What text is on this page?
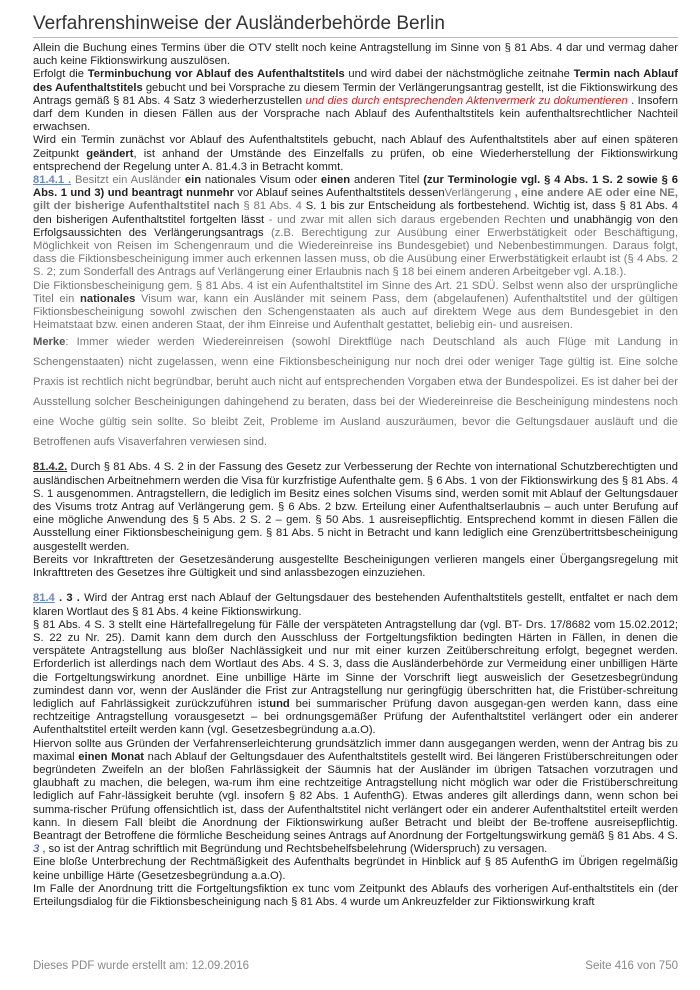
Verfahrenshinweise der Ausländerbehörde Berlin

Allein die Buchung eines Termins über die OTV stellt noch keine Antragstellung im Sinne von § 81 Abs. 4 dar und vermag daher auch keine Fiktionswirkung auszulösen.

Erfolgt die Terminbuchung vor Ablauf des Aufenthaltstitels und wird dabei der nächstmögliche zeitnahe Termin nach Ablauf des Aufenthaltstitels gebucht und bei Vorsprache zu diesem Termin der Verlängerungsantrag gestellt, ist die Fiktionswirkung des Antrags gemäß § 81 Abs. 4 Satz 3 wiederherzustellen und dies durch entsprechenden Aktenvermerk zu dokumentieren . Insofern darf dem Kunden in diesen Fällen aus der Vorsprache nach Ablauf des Aufenthaltstitels kein aufenthaltsrechtlicher Nachteil erwachsen.

Wird ein Termin zunächst vor Ablauf des Aufenthaltstitels gebucht, nach Ablauf des Aufenthaltstitels aber auf einen späteren Zeitpunkt geändert, ist anhand der Umstände des Einzelfalls zu prüfen, ob eine Wiederherstellung der Fiktionswirkung entsprechend der Regelung unter A. 81.4.3 in Betracht kommt.

81.4.1 . Besitzt ein Ausländer ein nationales Visum oder einen anderen Titel (zur Terminologie vgl. § 4 Abs. 1 S. 2 sowie § 6 Abs. 1 und 3) und beantragt nunmehr vor Ablauf seines Aufenthaltstitels dessenVerlängerung , eine andere AE oder eine NE, gilt der bisherige Aufenthaltstitel nach § 81 Abs. 4 S. 1 bis zur Entscheidung als fortbestehend. Wichtig ist, dass § 81 Abs. 4 den bisherigen Aufenthaltstitel fortgelten lässt - und zwar mit allen sich daraus ergebenden Rechten und unabhängig von den Erfolgsaussichten des Verlängerungsantrags (z.B. Berechtigung zur Ausübung einer Erwerbstätigkeit oder Beschäftigung, Möglichkeit von Reisen im Schengenraum und die Wiedereinreise ins Bundesgebiet) und Nebenbestimmungen. Daraus folgt, dass die Fiktionsbescheinigung immer auch erkennen lassen muss, ob die Ausübung einer Erwerbstätigkeit erlaubt ist (§ 4 Abs. 2 S. 2; zum Sonderfall des Antrags auf Verlängerung einer Erlaubnis nach § 18 bei einem anderen Arbeitgeber vgl. A.18.).

Die Fiktionsbescheinigung gem. § 81 Abs. 4 ist ein Aufenthaltstitel im Sinne des Art. 21 SDÜ. Selbst wenn also der ursprüngliche Titel ein nationales Visum war, kann ein Ausländer mit seinem Pass, dem (abgelaufenen) Aufenthaltstitel und der gültigen Fiktionsbescheinigung sowohl zwischen den Schengenstaaten als auch auf direktem Wege aus dem Bundesgebiet in den Heimatstaat bzw. einen anderen Staat, der ihm Einreise und Aufenthalt gestattet, beliebig ein- und ausreisen.

Merke: Immer wieder werden Wiedereinreisen (sowohl Direktflüge nach Deutschland als auch Flüge mit Landung in Schengenstaaten) nicht zugelassen, wenn eine Fiktionsbescheinigung nur noch drei oder weniger Tage gültig ist. Eine solche Praxis ist rechtlich nicht begründbar, beruht auch nicht auf entsprechenden Vorgaben etwa der Bundespolizei. Es ist daher bei der Ausstellung solcher Bescheinigungen dahingehend zu beraten, dass bei der Wiedereinreise die Bescheinigung mindestens noch eine Woche gültig sein sollte. So bleibt Zeit, Probleme im Ausland auszuräumen, bevor die Geltungsdauer ausläuft und die Betroffenen aufs Visaverfahren verwiesen sind.

81.4.2. Durch § 81 Abs. 4 S. 2 in der Fassung des Gesetz zur Verbesserung der Rechte von international Schutzberechtigten und ausländischen Arbeitnehmern werden die Visa für kurzfristige Aufenthalte gem. § 6 Abs. 1 von der Fiktionswirkung des § 81 Abs. 4 S. 1 ausgenommen. Antragstellern, die lediglich im Besitz eines solchen Visums sind, werden somit mit Ablauf der Geltungsdauer des Visums trotz Antrag auf Verlängerung gem. § 6 Abs. 2 bzw. Erteilung einer Aufenthaltserlaubnis – auch unter Berufung auf eine mögliche Anwendung des § 5 Abs. 2 S. 2 – gem. § 50 Abs. 1 ausreisepflichtig. Entsprechend kommt in diesen Fällen die Ausstellung einer Fiktionsbescheinigung gem. § 81 Abs. 5 nicht in Betracht und kann lediglich eine Grenzübertrittsbescheinigung ausgestellt werden.

Bereits vor Inkrafttreten der Gesetzesänderung ausgestellte Bescheinigungen verlieren mangels einer Übergangsregelung mit Inkrafttreten des Gesetzes ihre Gültigkeit und sind anlassbezogen einzuziehen.

81.4 . 3 . Wird der Antrag erst nach Ablauf der Geltungsdauer des bestehenden Aufenthaltstitels gestellt, entfaltet er nach dem klaren Wortlaut des § 81 Abs. 4 keine Fiktionswirkung.

§ 81 Abs. 4 S. 3 stellt eine Härtefallregelung für Fälle der verspäteten Antragstellung dar (vgl. BT- Drs. 17/8682 vom 15.02.2012; S. 22 zu Nr. 25). Damit kann dem durch den Ausschluss der Fortgeltungsfiktion bedingten Härten in Fällen, in denen die verspätete Antragstellung aus bloßer Nachlässigkeit und nur mit einer kurzen Zeitüberschreitung erfolgt, begegnet werden. Erforderlich ist allerdings nach dem Wortlaut des Abs. 4 S. 3, dass die Ausländerbehörde zur Vermeidung einer unbilligen Härte die Fortgeltungswirkung anordnet. Eine unbillige Härte im Sinne der Vorschrift liegt ausweislich der Gesetzesbegründung zumindest dann vor, wenn der Ausländer die Frist zur Antragstellung nur geringfügig überschritten hat, die Fristüber-schreitung lediglich auf Fahrlässigkeit zurückzuführen istund bei summarischer Prüfung davon ausgegan-gen werden kann, dass eine rechtzeitige Antragstellung vorausgesetzt – bei ordnungsgemäßer Prüfung der Aufenthaltstitel verlängert oder ein anderer Aufenthaltstitel erteilt werden kann (vgl. Gesetzesbegründung a.a.O).

Hiervon sollte aus Gründen der Verfahrenserleichterung grundsätzlich immer dann ausgegangen werden, wenn der Antrag bis zu maximal einen Monat nach Ablauf der Geltungsdauer des Aufenthaltstitels gestellt wird. Bei längeren Fristüberschreitungen oder begründeten Zweifeln an der bloßen Fahrlässigkeit der Säumnis hat der Ausländer im übrigen Tatsachen vorzutragen und glaubhaft zu machen, die belegen, wa-rum ihm eine rechtzeitige Antragstellung nicht möglich war oder die Fristüberschreitung lediglich auf Fahr-lässigkeit beruhte (vgl. insofern § 82 Abs. 1 AufenthG). Etwas anderes gilt allerdings dann, wenn schon bei summa-rischer Prüfung offensichtlich ist, dass der Aufenthaltstitel nicht verlängert oder ein anderer Aufenthaltstitel erteilt werden kann. In diesem Fall bleibt die Anordnung der Fiktionswirkung außer Betracht und bleibt der Be-troffene ausreisepflichtig. Beantragt der Betroffene die förmliche Bescheidung seines Antrags auf Anordnung der Fortgeltungswirkung gemäß § 81 Abs. 4 S. 3 , so ist der Antrag schriftlich mit Begründung und Rechtsbehelfsbelehrung (Widerspruch) zu versagen.

Eine bloße Unterbrechung der Rechtmäßigkeit des Aufenthalts begründet in Hinblick auf § 85 AufenthG im Übrigen regelmäßig keine unbillige Härte (Gesetzesbegründung a.a.O).

Im Falle der Anordnung tritt die Fortgeltungsfiktion ex tunc vom Zeitpunkt des Ablaufs des vorherigen Auf-enthaltstitels ein (der Erteilungsdialog für die Fiktionsbescheinigung nach § 81 Abs. 4 wurde um Ankreuzfelder zur Fiktionswirkung kraft

Dieses PDF wurde erstellt am: 12.09.2016	Seite 416 von 750
